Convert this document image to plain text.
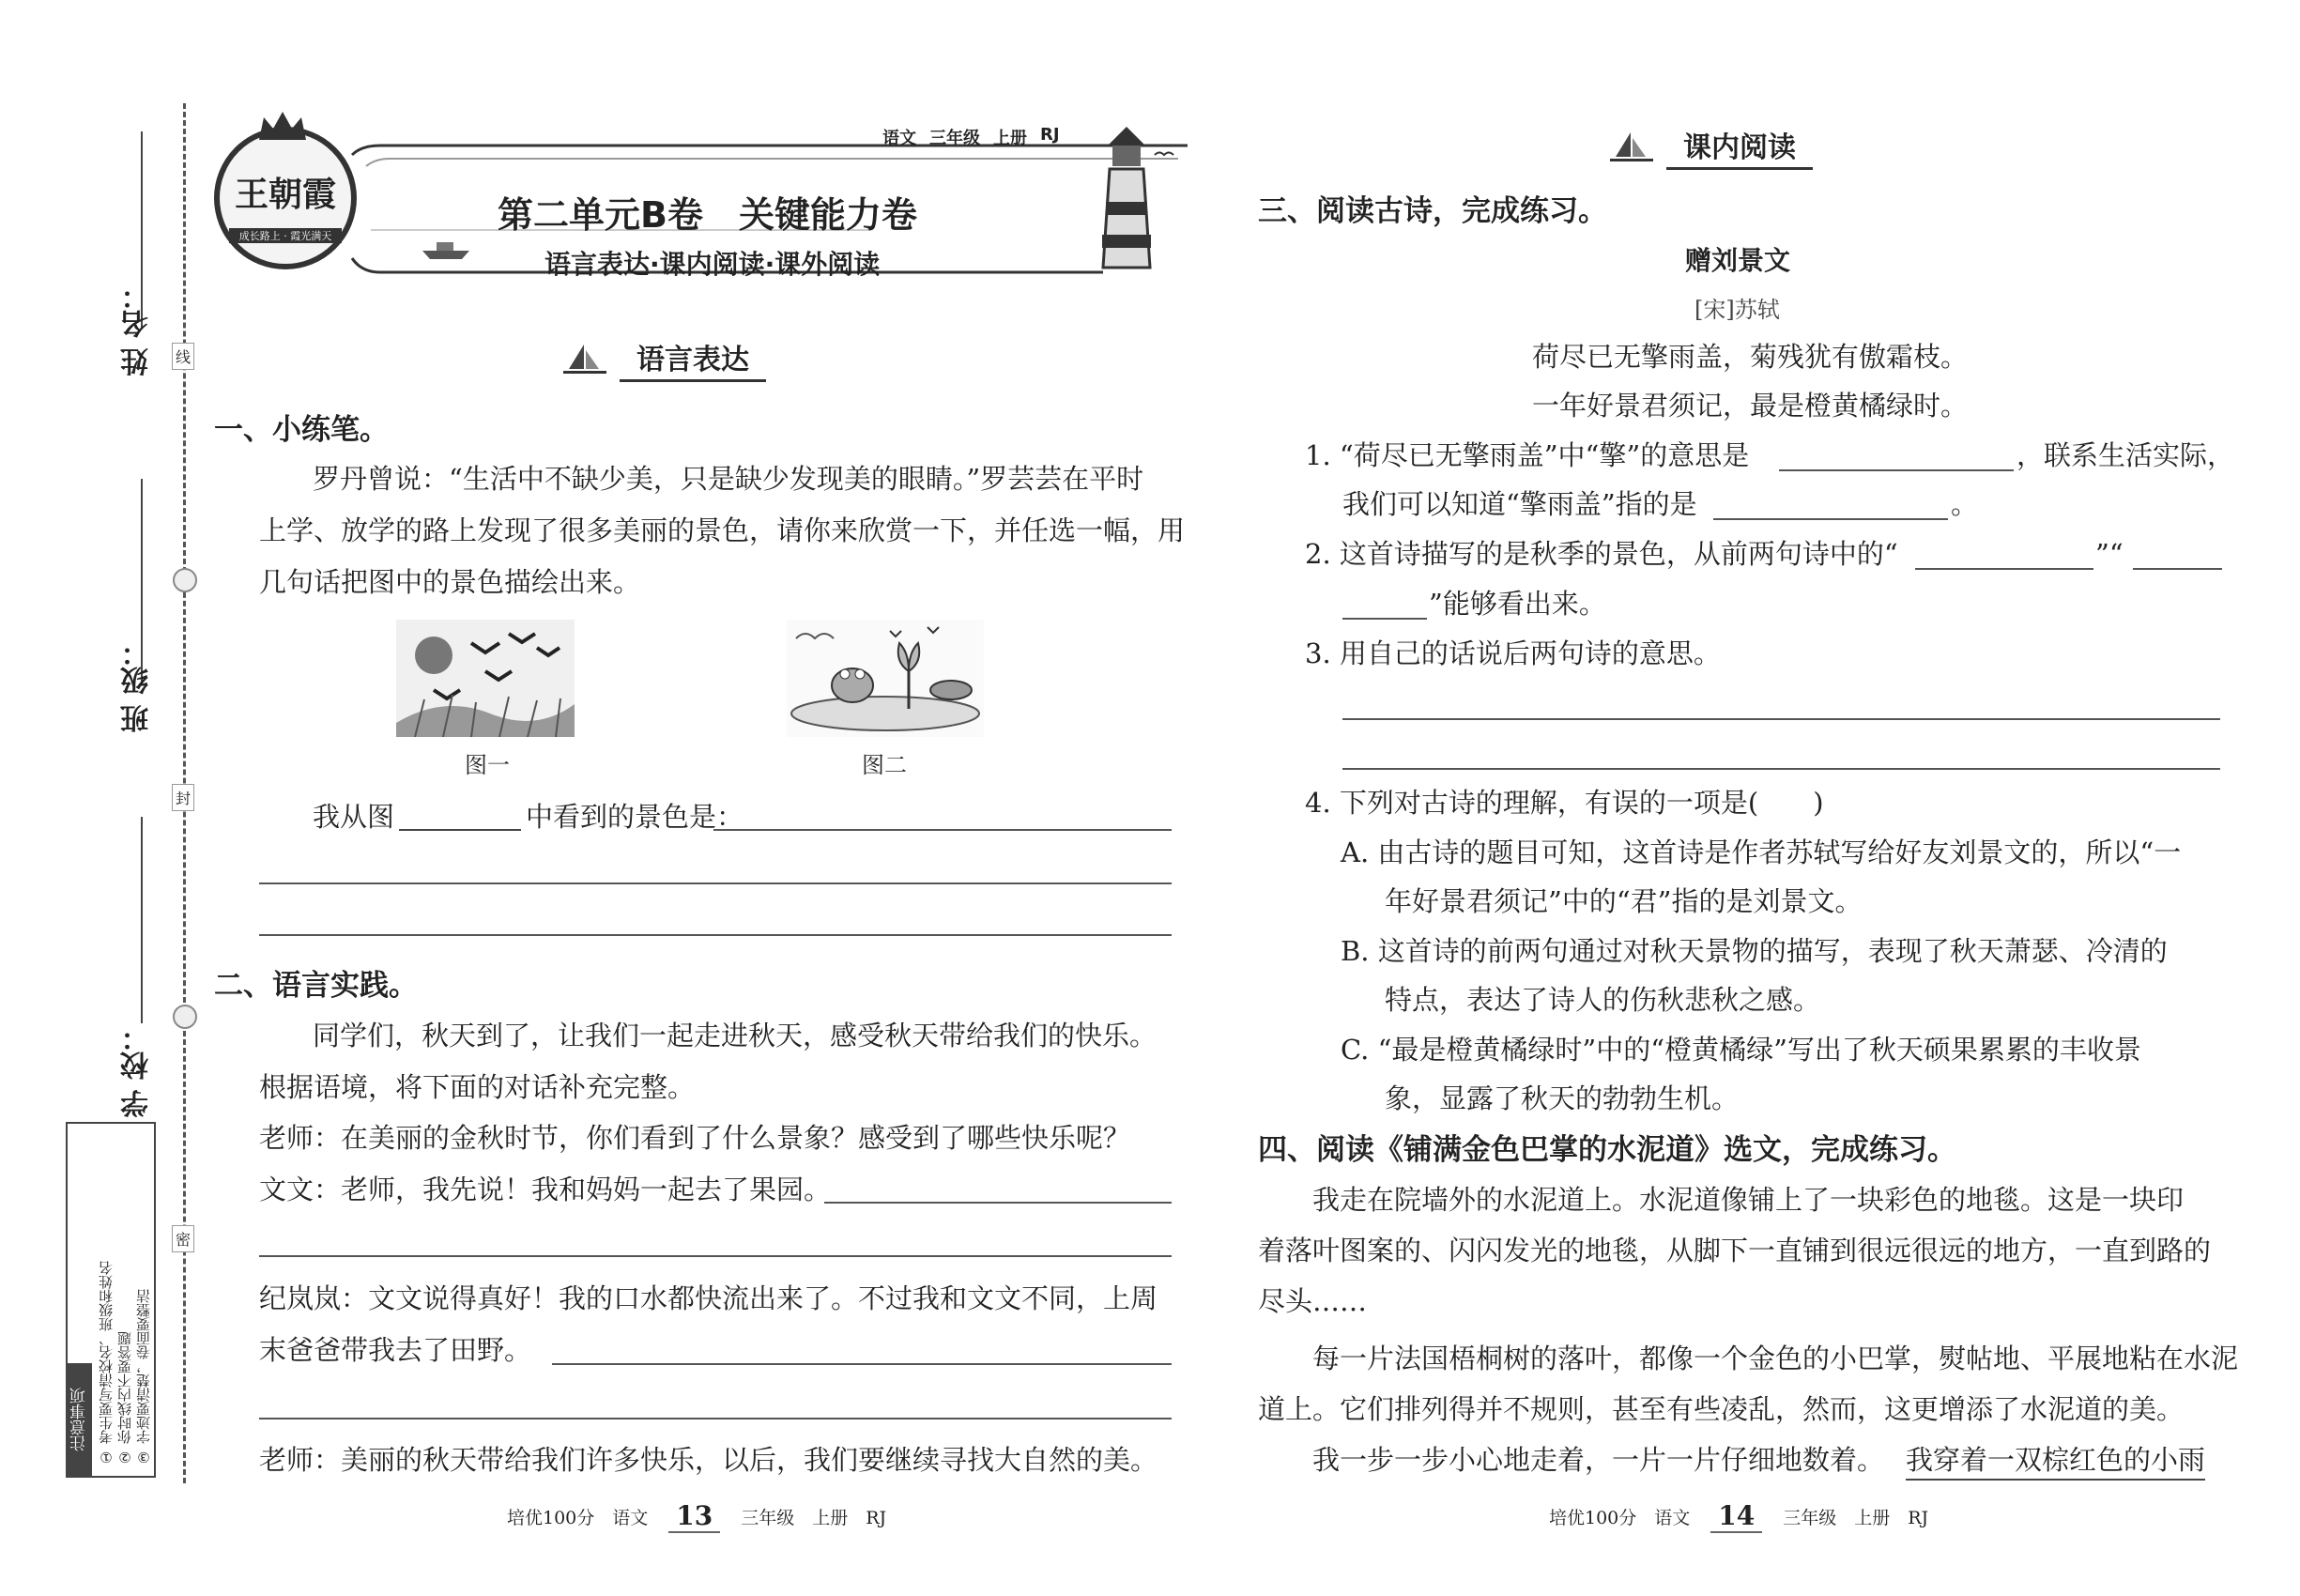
姓 名：
班 级：
学 校：
线
封
密
注意事项 ① 考生要写清校名、班级和姓名 ② 你时线内不要答题 ③ 字迹要清楚，卷面要整洁
王朝霞
成长路上 · 霞光满天
语文 三年级 上册 RJ
第二单元B卷　关键能力卷
语言表达·课内阅读·课外阅读
语言表达
一、小练笔。
罗丹曾说：“生活中不缺少美，只是缺少发现美的眼睛。”罗芸芸在平时
上学、放学的路上发现了很多美丽的景色，请你来欣赏一下，并任选一幅，用
几句话把图中的景色描绘出来。
图一	图二
我从图	中看到的景色是：
二、语言实践。
同学们，秋天到了，让我们一起走进秋天，感受秋天带给我们的快乐。
根据语境，将下面的对话补充完整。
老师：在美丽的金秋时节，你们看到了什么景象？感受到了哪些快乐呢？
文文：老师，我先说！我和妈妈一起去了果园。
纪岚岚：文文说得真好！我的口水都快流出来了。不过我和文文不同，上周
末爸爸带我去了田野。
老师：美丽的秋天带给我们许多快乐，以后，我们要继续寻找大自然的美。
培优100分　语文 13	三年级　上册　RJ
课内阅读
三、阅读古诗，完成练习。
赠刘景文
[宋]苏轼
荷尽已无擎雨盖，菊残犹有傲霜枝。
一年好景君须记，最是橙黄橘绿时。
1. “荷尽已无擎雨盖”中“擎”的意思是	，联系生活实际，
我们可以知道“擎雨盖”指的是	。
2. 这首诗描写的是秋季的景色，从前两句诗中的“	”“
”能够看出来。
3. 用自己的话说后两句诗的意思。
4. 下列对古诗的理解，有误的一项是(　　)
A. 由古诗的题目可知，这首诗是作者苏轼写给好友刘景文的，所以“一
年好景君须记”中的“君”指的是刘景文。
B. 这首诗的前两句通过对秋天景物的描写，表现了秋天萧瑟、冷清的
特点，表达了诗人的伤秋悲秋之感。
C. “最是橙黄橘绿时”中的“橙黄橘绿”写出了秋天硕果累累的丰收景
象，显露了秋天的勃勃生机。
四、阅读《铺满金色巴掌的水泥道》选文，完成练习。
我走在院墙外的水泥道上。水泥道像铺上了一块彩色的地毯。这是一块印
着落叶图案的、闪闪发光的地毯，从脚下一直铺到很远很远的地方，一直到路的
尽头……
每一片法国梧桐树的落叶，都像一个金色的小巴掌，熨帖地、平展地粘在水泥
道上。它们排列得并不规则，甚至有些凌乱，然而，这更增添了水泥道的美。
我一步一步小心地走着，一片一片仔细地数着。 我穿着一双棕红色的小雨
培优100分　语文 14	三年级　上册　RJ
